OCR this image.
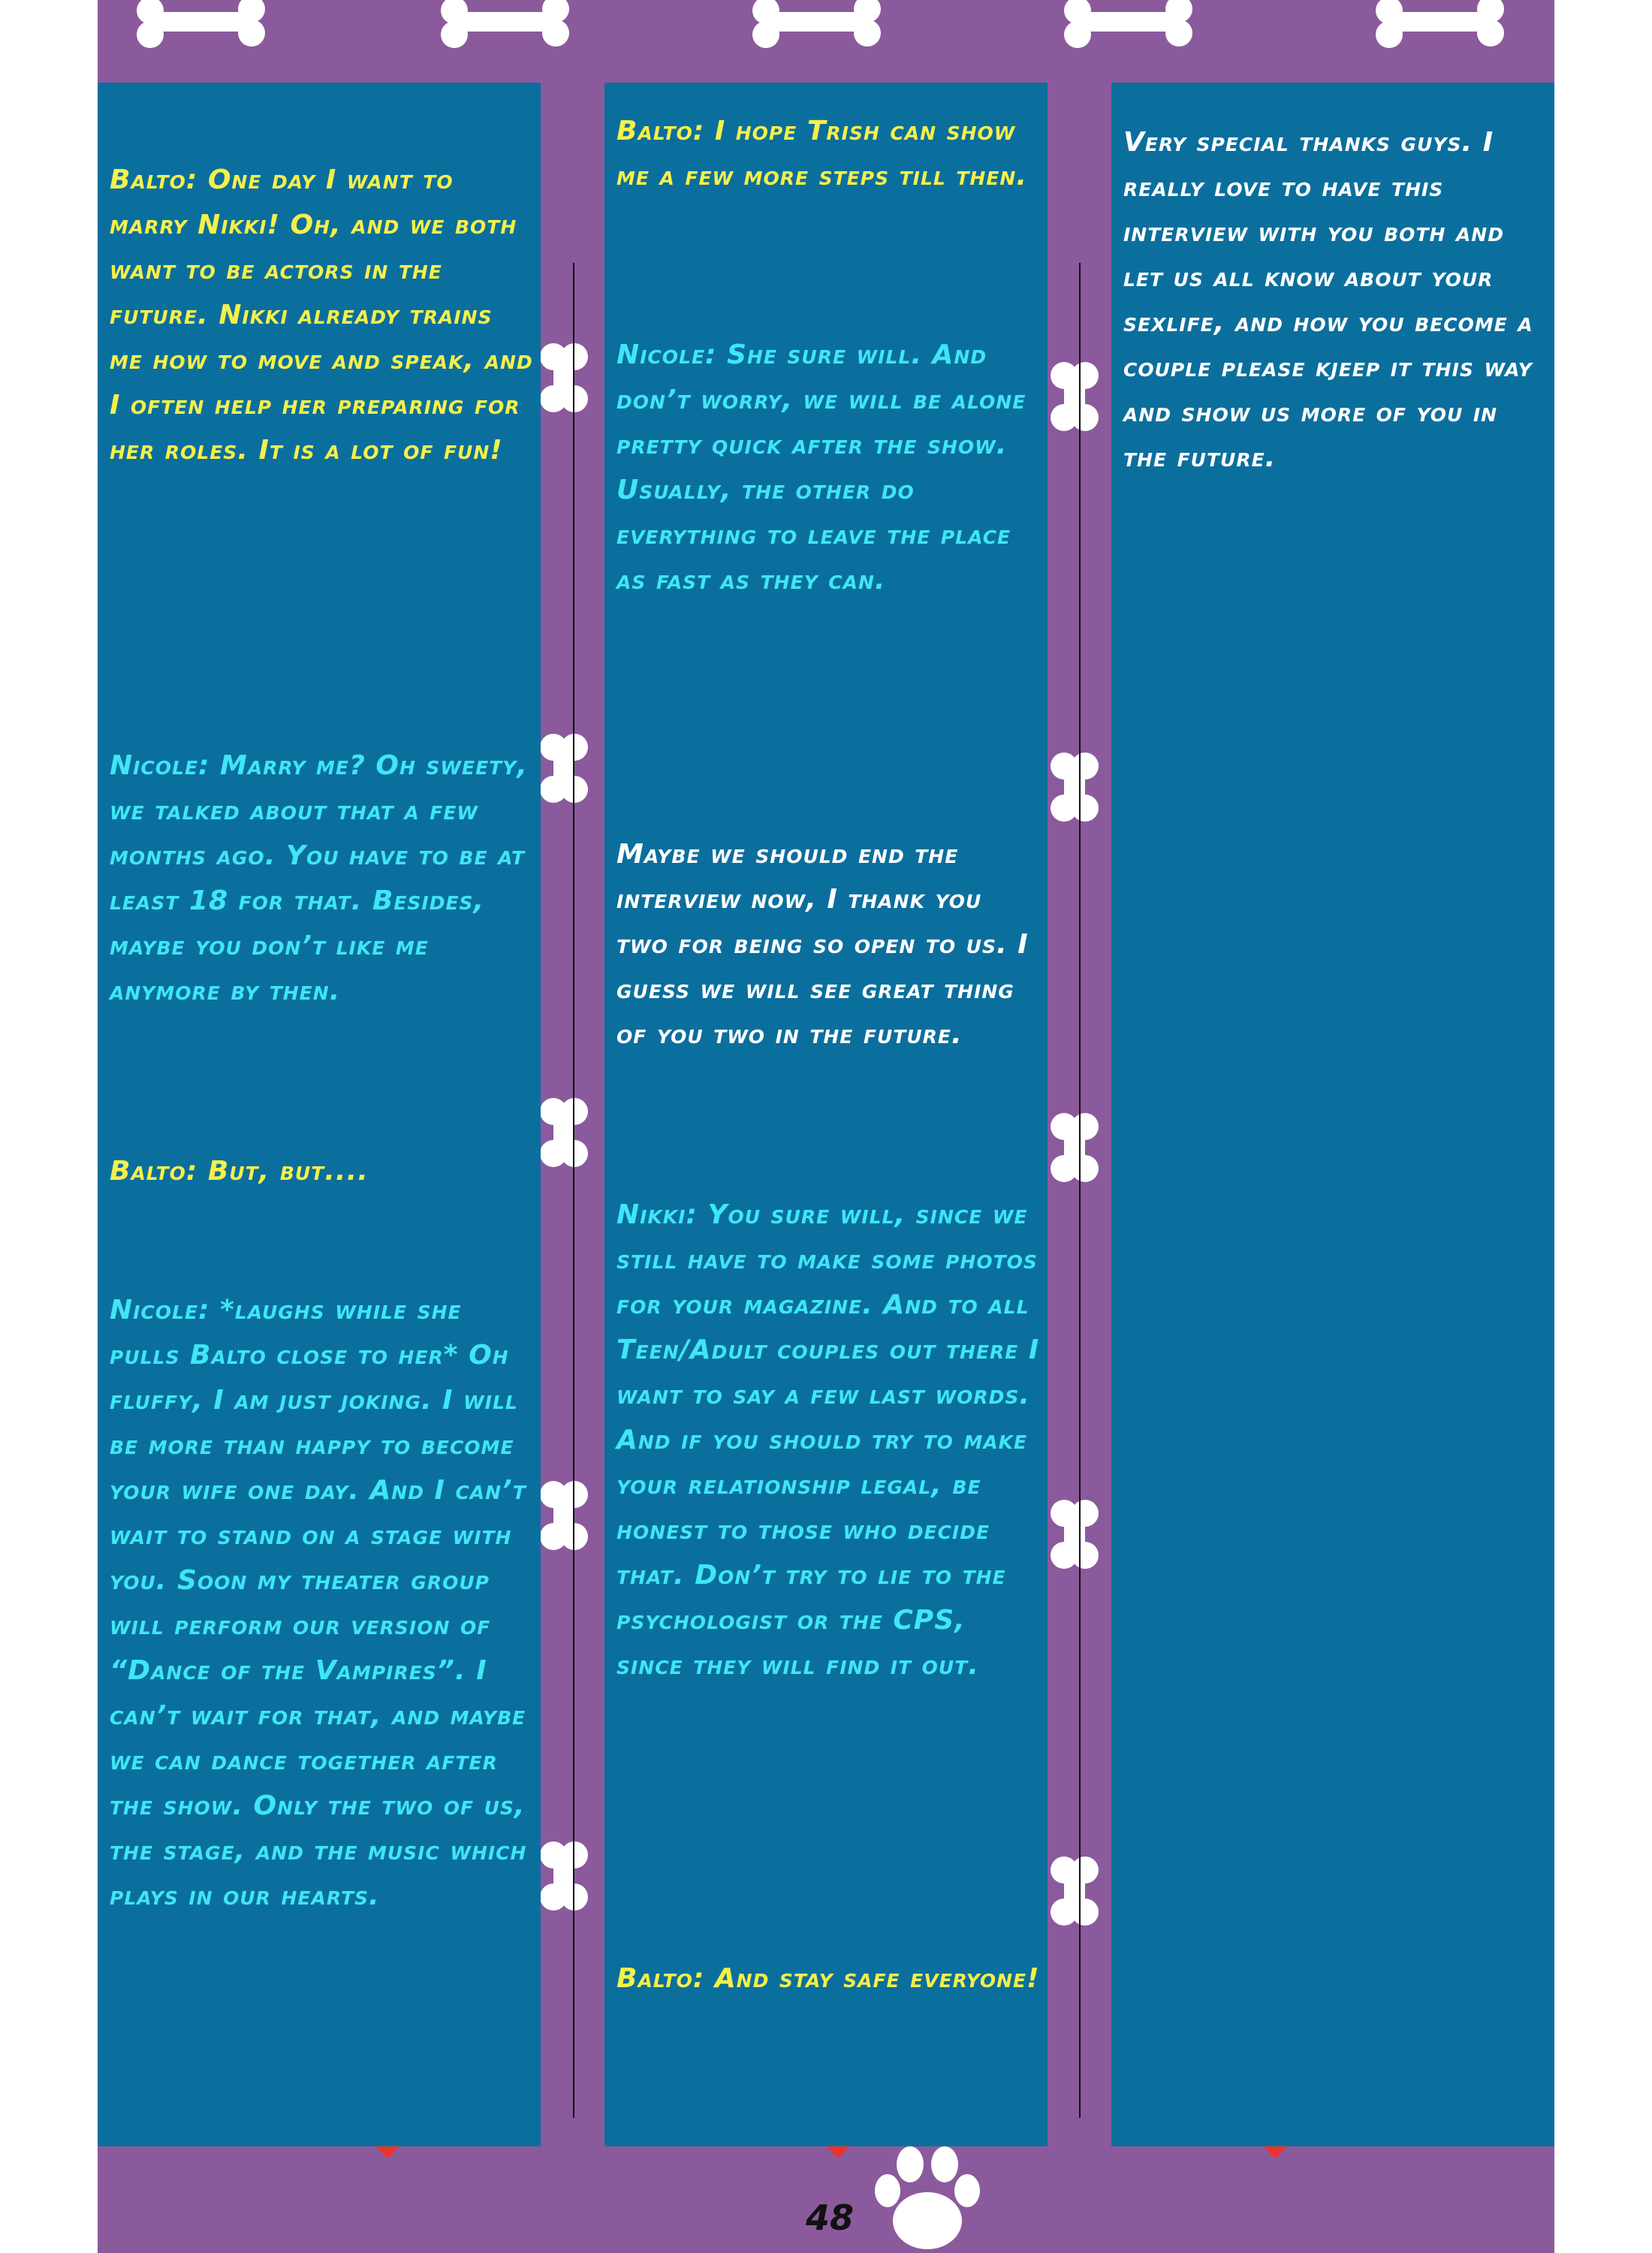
Balto: One day I want to marry Nikki! Oh, and we both want to be actors in the future. Nikki already trains me how to move and speak, and I often help her preparing for her roles. It is a lot of fun!

Nicole: Marry me? Oh sweety, we talked about that a few months ago. You have to be at least 18 for that. Besides, maybe you don’t like me anymore by then.

Balto: But, but....

Nicole: *laughs while she pulls Balto close to her* Oh fluffy, I am just joking. I will be more than happy to become your wife one day. And I can’t wait to stand on a stage with you. Soon my theater group will perform our version of “Dance of the Vampires”. I can’t wait for that, and maybe we can dance together after the show. Only the two of us, the stage, and the music which plays in our hearts.

Balto: I hope Trish can show me a few more steps till then.

Nicole: She sure will. And don’t worry, we will be alone pretty quick after the show. Usually, the other do everything to leave the place as fast as they can.

Maybe we should end the interview now, I thank you two for being so open to us. I guess we will see great thing of you two in the future.

Nikki: You sure will, since we still have to make some photos for your magazine. And to all Teen/Adult couples out there I want to say a few last words. And if you should try to make your relationship legal, be honest to those who decide that. Don’t try to lie to the psychologist or the CPS, since they will find it out.

Balto: And stay safe everyone!

Very special thanks guys. I really love to have this interview with you both and let us all know about your sexlife, and how you become a couple please kjeep it this way and show us more of you in the future.

48
